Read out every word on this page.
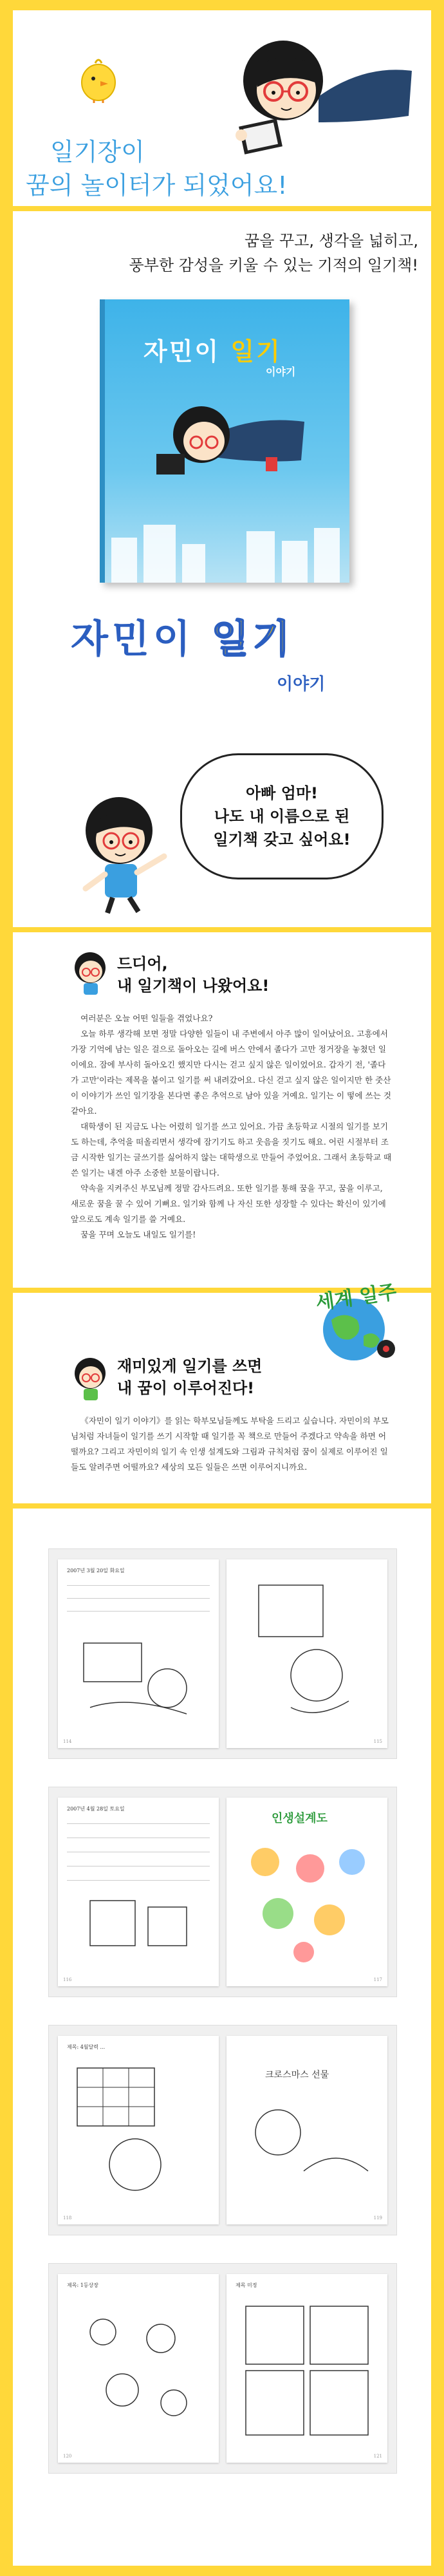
일기장이
꿈의 놀이터가 되었어요!
꿈을 꾸고, 생각을 넓히고,
풍부한 감성을 키울 수 있는 기적의 일기책!
자민이 일기
이야기
자민이 일기
이야기
아빠 엄마!
나도 내 이름으로 된
일기책 갖고 싶어요!
드디어,
내 일기책이 나왔어요!

여러분은 오늘 어떤 일들을 겪었나요?

오늘 하루 생각해 보면 정말 다양한 일들이 내 주변에서 아주 많이 일어났어요. 고흥에서 가장 기억에 남는 일은 걸으로 돌아오는 길에 버스 안에서 졸다가 고만 정거장을 놓쳤던 일이에요. 잠에 부사히 돌아오긴 했지만 다시는 걷고 싶지 않은 일이었어요. 갑자기 전, '졸다가 고만'이라는 제목을 붙이고 일기를 써 내려갔어요. 다신 걷고 싶지 않은 일이지만 한 줏산 이 이야기가 쓰인 일기장을 본다면 좋은 추억으로 남아 있을 거예요. 일기는 이 떻에 쓰는 것 같아요.

대학생이 된 지금도 나는 어렸히 일기를 쓰고 있어요. 가끔 초등학교 시절의 일기를 보기도 하는데, 추억을 떠올리면서 생각에 잠기기도 하고 웃음을 짓기도 해요. 어린 시절부터 조금 시작한 일기는 글쓰기를 싫어하지 않는 대학생으로 만들어 주었어요. 그래서 초등학교 때 쓴 일기는 내겐 아주 소중한 보물이랍니다.

약속을 지켜주신 부모님께 정말 감사드려요. 또한 일기를 통해 꿈을 꾸고, 꿈을 이루고, 새로운 꿈을 꿀 수 있어 기뻐요. 일기와 함께 나 자신 또한 성장할 수 있다는 확신이 있기에 앞으로도 계속 일기를 쓸 거예요.

꿈을 꾸며 오늘도 내일도 일기를!

세계 일주
재미있게 일기를 쓰면
내 꿈이 이루어진다!

《자민이 일기 이야기》를 읽는 학부모님들께도 부탁을 드리고 싶습니다. 자민이의 부모님처럼 자녀들이 일기를 쓰기 시작할 때 일기를 꼭 책으로 만들어 주겠다고 약속을 하면 어떨까요? 그리고 자민이의 일기 속 인생 설계도와 그림과 규칙처럼 꿈이 실제로 이루어진 일들도 알려주면 어떨까요? 세상의 모든 일들은 쓰면 이루어지니까요.

2007년 3월 20일 화요일
114	115
2007년 4월 28일 토요일
116
인생설계도
117
제목: 4월달력 ...
118
크로스마스 선물
119
제목: 1등상장
120
제목 미정
121
